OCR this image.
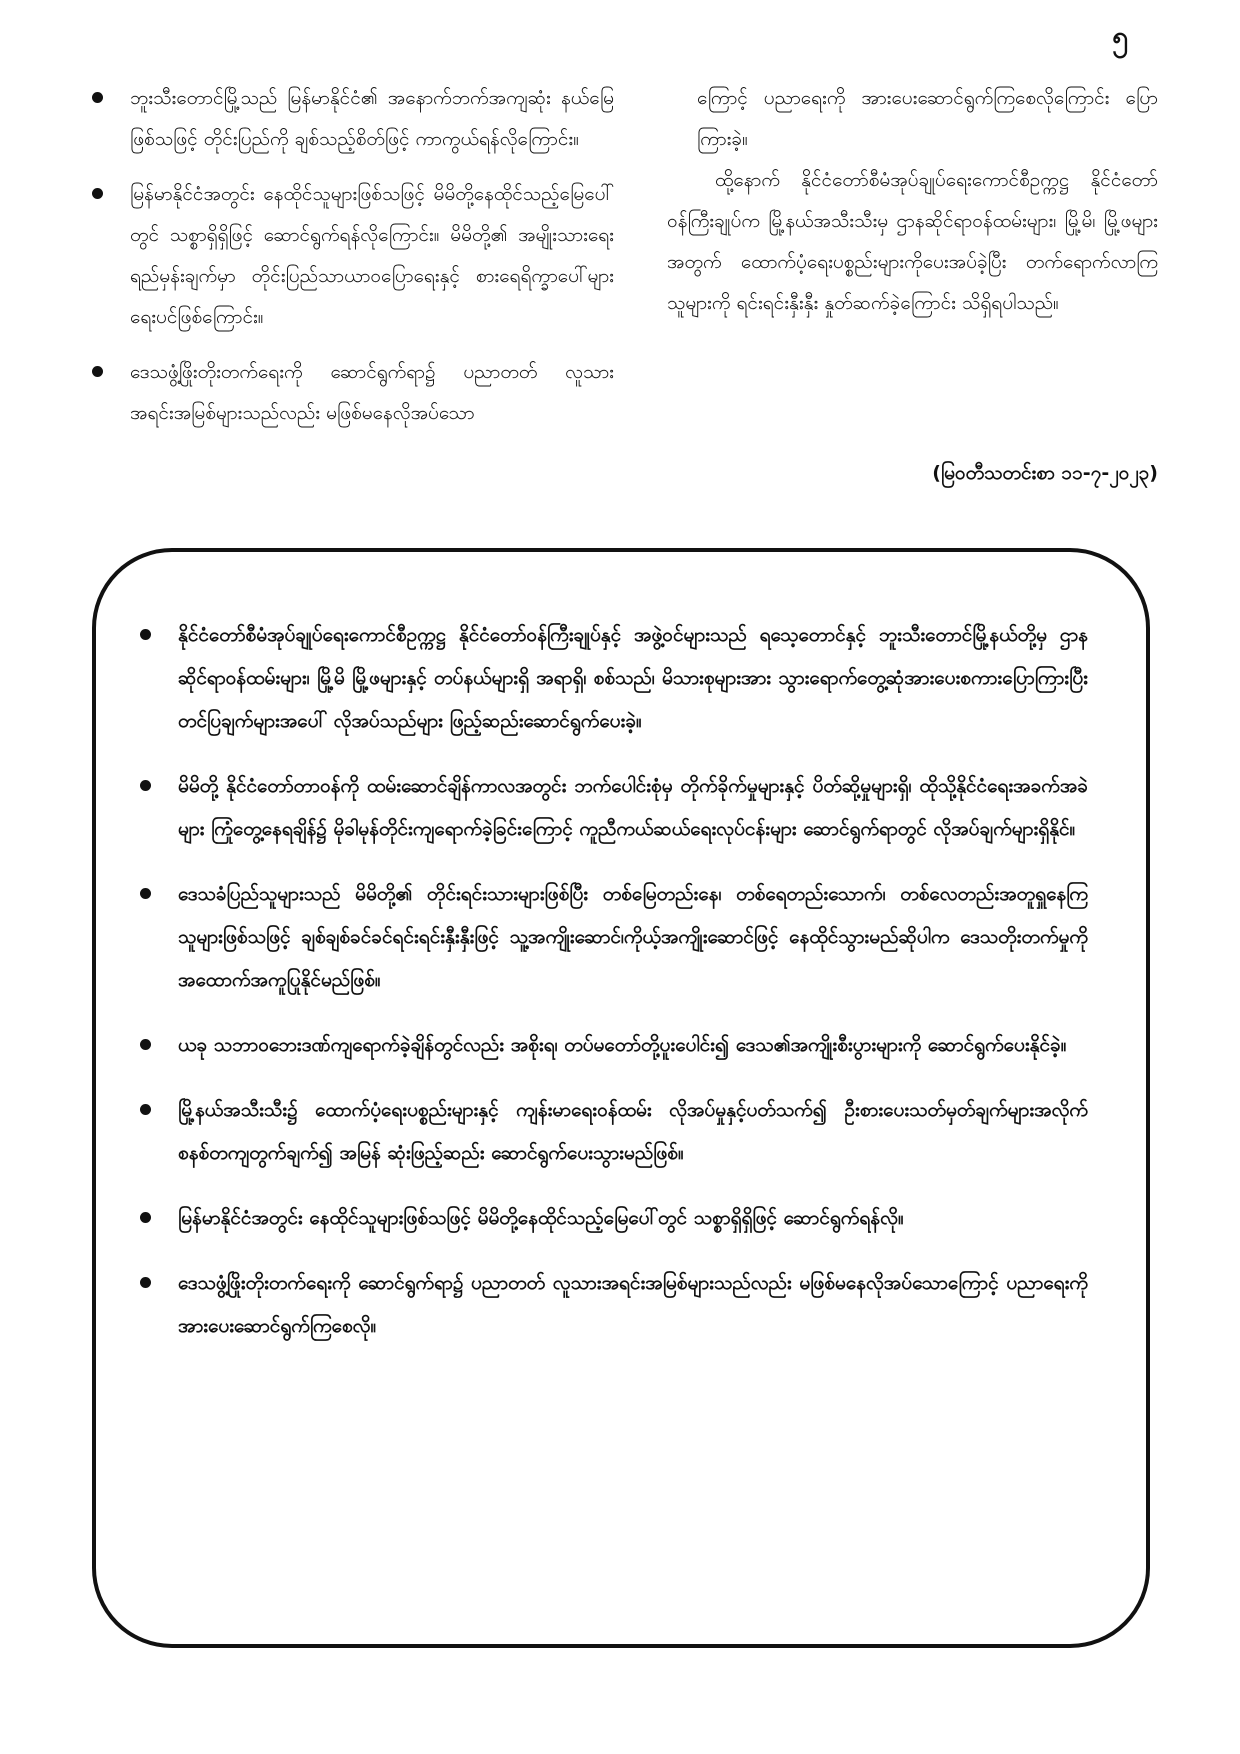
၅
ဘူးသီးတောင်မြို့သည် မြန်မာနိုင်ငံ၏ အနောက်ဘက်အကျဆုံး နယ်မြေဖြစ်သဖြင့် တိုင်းပြည်ကို ချစ်သည့်စိတ်ဖြင့် ကာကွယ်ရန်လိုကြောင်း။
မြန်မာနိုင်ငံအတွင်း နေထိုင်သူများဖြစ်သဖြင့် မိမိတို့နေထိုင်သည့်မြေပေါ်တွင် သစ္စာရှိရှိဖြင့် ဆောင်ရွက်ရန်လိုကြောင်း။ မိမိတို့၏ အမျိုးသားရေးရည်မှန်းချက်မှာ တိုင်းပြည်သာယာဝပြောရေးနှင့် စားရေရိက္ခာပေါ်များရေးပင်ဖြစ်ကြောင်း။
ဒေသဖွံ့ဖြိုးတိုးတက်ရေးကို ဆောင်ရွက်ရာ၌ ပညာတတ် လူသားအရင်းအမြစ်များသည်လည်း မဖြစ်မနေလိုအပ်သော

ကြောင့် ပညာရေးကို အားပေးဆောင်ရွက်ကြစေလိုကြောင်း ပြောကြားခဲ့။

ထို့နောက် နိုင်ငံတော်စီမံအုပ်ချုပ်ရေးကောင်စီဥက္ကဋ္ဌ နိုင်ငံတော်ဝန်ကြီးချုပ်က မြို့နယ်အသီးသီးမှ ဌာနဆိုင်ရာဝန်ထမ်းများ၊ မြို့မိ၊ မြို့ဖများအတွက် ထောက်ပံ့ရေးပစ္စည်းများကိုပေးအပ်ခဲ့ပြီး တက်ရောက်လာကြသူများကို ရင်းရင်းနှီးနှီး နှုတ်ဆက်ခဲ့ကြောင်း သိရှိရပါသည်။

(မြဝတီသတင်းစာ ၁၁-၇-၂၀၂၃)
နိုင်ငံတော်စီမံအုပ်ချုပ်ရေးကောင်စီဥက္ကဋ္ဌ နိုင်ငံတော်ဝန်ကြီးချုပ်နှင့် အဖွဲ့ဝင်များသည် ရသေ့တောင်နှင့် ဘူးသီးတောင်မြို့နယ်တို့မှ ဌာနဆိုင်ရာဝန်ထမ်းများ၊ မြို့မိ မြို့ဖများနှင့် တပ်နယ်များရှိ အရာရှိ၊ စစ်သည်၊ မိသားစုများအား သွားရောက်တွေ့ဆုံအားပေးစကားပြောကြားပြီး တင်ပြချက်များအပေါ် လိုအပ်သည်များ ဖြည့်ဆည်းဆောင်ရွက်ပေးခဲ့။
မိမိတို့ နိုင်ငံတော်တာဝန်ကို ထမ်းဆောင်ချိန်ကာလအတွင်း ဘက်ပေါင်းစုံမှ တိုက်ခိုက်မှုများနှင့် ပိတ်ဆို့မှုများရှိ၊ ထိုသို့နိုင်ငံရေးအခက်အခဲများ ကြုံတွေ့နေရချိန်၌ မိုခါမုန်တိုင်းကျရောက်ခဲ့ခြင်းကြောင့် ကူညီကယ်ဆယ်ရေးလုပ်ငန်းများ ဆောင်ရွက်ရာတွင် လိုအပ်ချက်များရှိနိုင်။
ဒေသခံပြည်သူများသည် မိမိတို့၏ တိုင်းရင်းသားများဖြစ်ပြီး တစ်မြေတည်းနေ၊ တစ်ရေတည်းသောက်၊ တစ်လေတည်းအတူရှူနေကြသူများဖြစ်သဖြင့် ချစ်ချစ်ခင်ခင်ရင်းရင်းနှီးနှီးဖြင့် သူ့အကျိုးဆောင်၊ကိုယ့်အကျိုးဆောင်ဖြင့် နေထိုင်သွားမည်ဆိုပါက ဒေသတိုးတက်မှုကို အထောက်အကူပြုနိုင်မည်ဖြစ်။
ယခု သဘာဝဘေးဒဏ်ကျရောက်ခဲ့ချိန်တွင်လည်း အစိုးရ၊ တပ်မတော်တို့ပူးပေါင်း၍ ဒေသ၏အကျိုးစီးပွားများကို ဆောင်ရွက်ပေးနိုင်ခဲ့။
မြို့နယ်အသီးသီး၌ ထောက်ပံ့ရေးပစ္စည်းများနှင့် ကျန်းမာရေးဝန်ထမ်း လိုအပ်မှုနှင့်ပတ်သက်၍ ဦးစားပေးသတ်မှတ်ချက်များအလိုက် စနစ်တကျတွက်ချက်၍ အမြန် ဆုံးဖြည့်ဆည်း ဆောင်ရွက်ပေးသွားမည်ဖြစ်။
မြန်မာနိုင်ငံအတွင်း နေထိုင်သူများဖြစ်သဖြင့် မိမိတို့နေထိုင်သည့်မြေပေါ်တွင် သစ္စာရှိရှိဖြင့် ဆောင်ရွက်ရန်လို။
ဒေသဖွံ့ဖြိုးတိုးတက်ရေးကို ဆောင်ရွက်ရာ၌ ပညာတတ် လူသားအရင်းအမြစ်များသည်လည်း မဖြစ်မနေလိုအပ်သောကြောင့် ပညာရေးကို အားပေးဆောင်ရွက်ကြစေလို။
